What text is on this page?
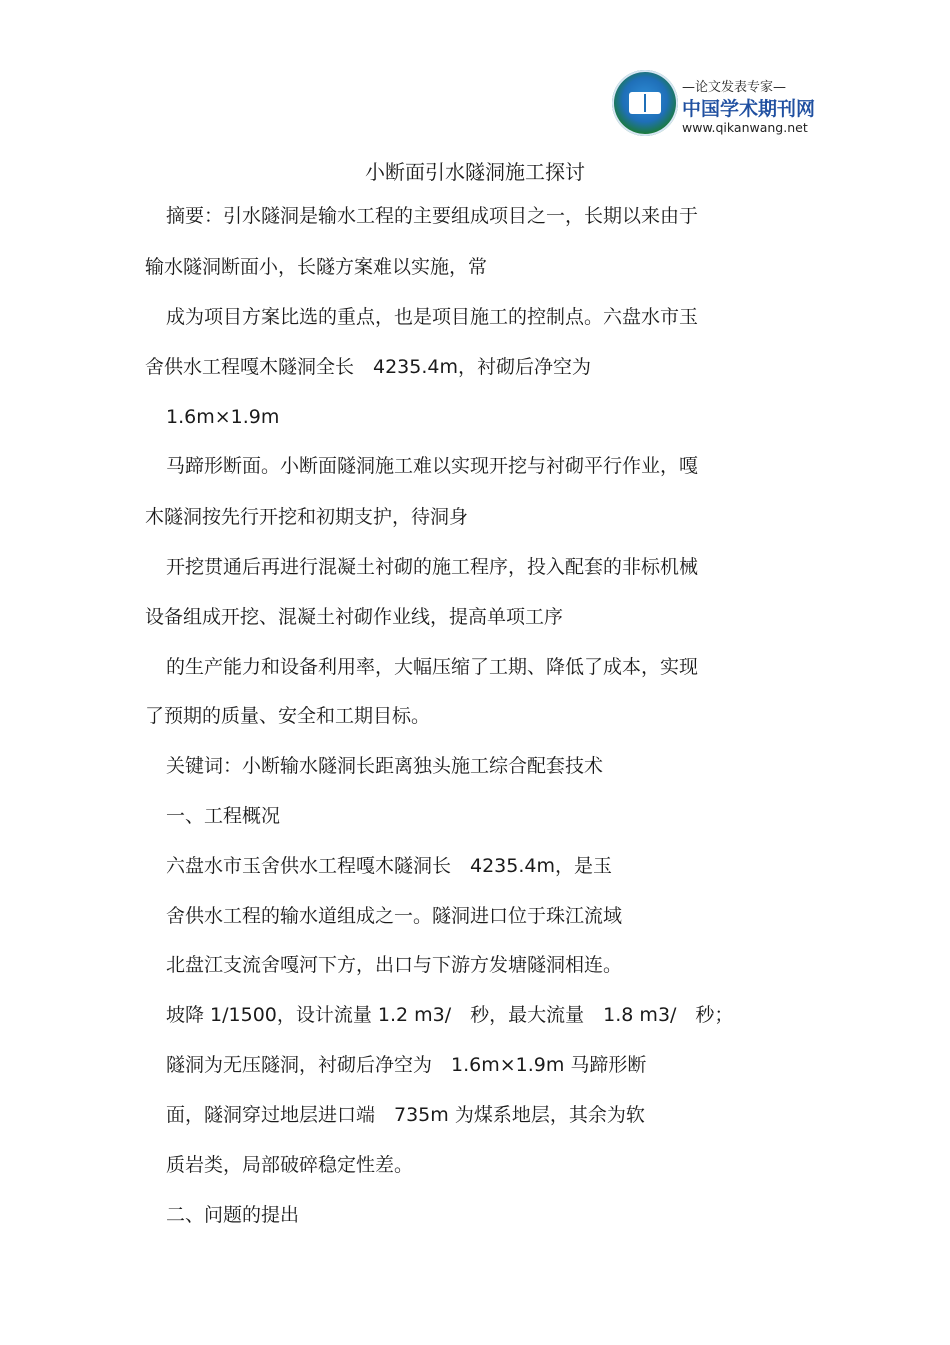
—论文发表专家—
中国学术期刊网
www.qikanwang.net
小断面引水隧洞施工探讨
摘要：引水隧洞是输水工程的主要组成项目之一，长期以来由于
输水隧洞断面小，长隧方案难以实施，常
成为项目方案比选的重点，也是项目施工的控制点。六盘水市玉
舍供水工程嘎木隧洞全长　4235.4m，衬砌后净空为
1.6m×1.9m
马蹄形断面。小断面隧洞施工难以实现开挖与衬砌平行作业，嘎
木隧洞按先行开挖和初期支护，待洞身
开挖贯通后再进行混凝土衬砌的施工程序，投入配套的非标机械
设备组成开挖、混凝土衬砌作业线，提高单项工序
的生产能力和设备利用率，大幅压缩了工期、降低了成本，实现
了预期的质量、安全和工期目标。
关键词：小断输水隧洞长距离独头施工综合配套技术
一、工程概况
六盘水市玉舍供水工程嘎木隧洞长　4235.4m，是玉
舍供水工程的输水道组成之一。隧洞进口位于珠江流域
北盘江支流舍嘎河下方，出口与下游方发塘隧洞相连。
坡降 1/1500，设计流量 1.2 m3/　秒，最大流量　1.8 m3/　秒；
隧洞为无压隧洞，衬砌后净空为　1.6m×1.9m 马蹄形断
面，隧洞穿过地层进口端　735m 为煤系地层，其余为软
质岩类，局部破碎稳定性差。
二、问题的提出
